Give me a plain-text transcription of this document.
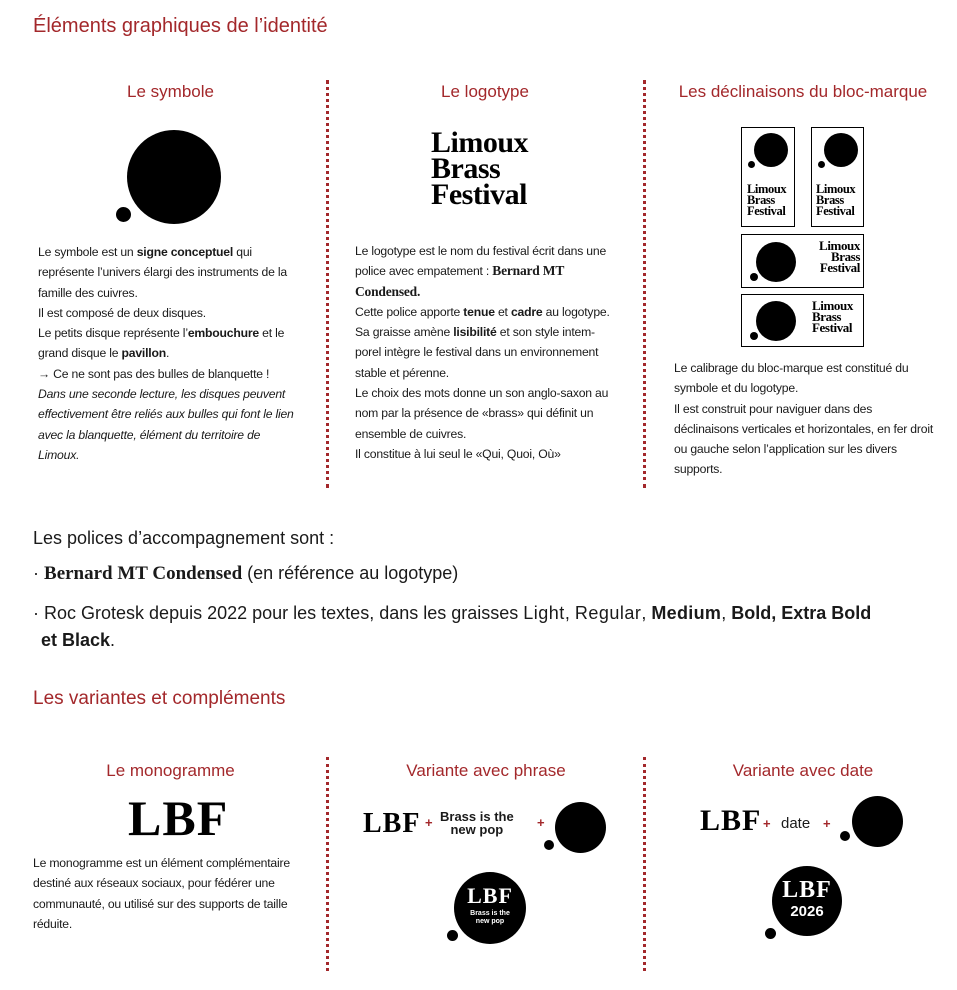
Éléments graphiques de l’identité
Le symbole
Le symbole est un signe conceptuel qui représente l’univers élargi des instruments de la famille des cuivres.
Il est composé de deux disques.
Le petits disque représente l’embouchure et le grand disque le pavillon.
→ Ce ne sont pas des bulles de blanquette !
Dans une seconde lecture, les disques peuvent effectivement être reliés aux bulles qui font le lien avec la blanquette, élément du territoire de Limoux.
Le logotype
Limoux
Brass
Festival
Le logotype est le nom du festival écrit dans une police avec empatement : Bernard MT Condensed.
Cette police apporte tenue et cadre au logotype. Sa graisse amène lisibilité et son style intem-porel intègre le festival dans un environnement stable et pérenne.
Le choix des mots donne un son anglo-saxon au nom par la présence de «brass» qui définit un ensemble de cuivres.
Il constitue à lui seul le «Qui, Quoi, Où»
Les déclinaisons du bloc-marque
Limoux
Brass
Festival
Limoux
Brass
Festival
Limoux
Brass
Festival
Limoux
Brass
Festival
Le calibrage du bloc-marque est constitué du symbole et du logotype.
Il est construit pour naviguer dans des déclinaisons verticales et horizontales, en fer droit ou gauche selon l’application sur les divers supports.
Les polices d’accompagnement sont :
· Bernard MT Condensed (en référence au logotype)
· Roc Grotesk depuis 2022 pour les textes, dans les graisses Light, Regular, Medium, Bold, Extra Bold
et Black.
Les variantes et compléments
Le monogramme
LBF
Le monogramme est un élément complémentaire destiné aux réseaux sociaux, pour fédérer une communauté, ou utilisé sur des supports de taille réduite.
Variante avec phrase
LBF + Brass is the
new pop	+
LBF
Brass is the
new pop
Variante avec date
LBF + date +
LBF
2026
